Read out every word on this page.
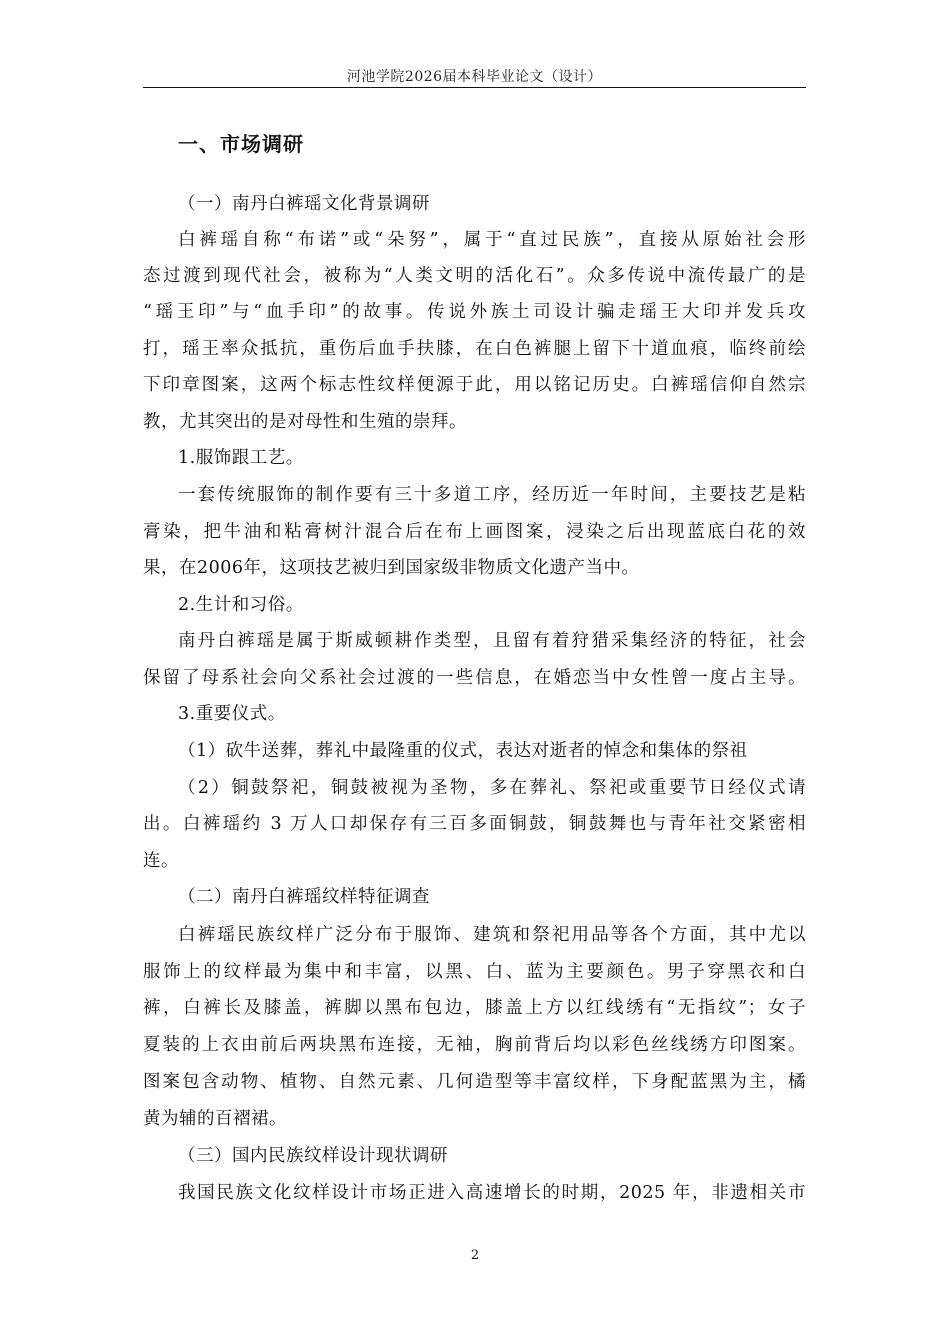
河池学院2026届本科毕业论文（设计）
一、市场调研
（一）南丹白裤瑶文化背景调研
白裤瑶自称“布诺”或“朵努”，属于“直过民族”，直接从原始社会形
态过渡到现代社会，被称为“人类文明的活化石”。众多传说中流传最广的是
“瑶王印”与“血手印”的故事。传说外族土司设计骗走瑶王大印并发兵攻
打，瑶王率众抵抗，重伤后血手扶膝，在白色裤腿上留下十道血痕，临终前绘
下印章图案，这两个标志性纹样便源于此，用以铭记历史。白裤瑶信仰自然宗
教，尤其突出的是对母性和生殖的崇拜。
1.服饰跟工艺。
一套传统服饰的制作要有三十多道工序，经历近一年时间，主要技艺是粘
膏染，把牛油和粘膏树汁混合后在布上画图案，浸染之后出现蓝底白花的效
果，在2006年，这项技艺被归到国家级非物质文化遗产当中。
2.生计和习俗。
南丹白裤瑶是属于斯威顿耕作类型，且留有着狩猎采集经济的特征，社会
保留了母系社会向父系社会过渡的一些信息，在婚恋当中女性曾一度占主导。
3.重要仪式。
（1）砍牛送葬，葬礼中最隆重的仪式，表达对逝者的悼念和集体的祭祖
（2）铜鼓祭祀，铜鼓被视为圣物，多在葬礼、祭祀或重要节日经仪式请
出。白裤瑶约 3 万人口却保存有三百多面铜鼓，铜鼓舞也与青年社交紧密相
连。
（二）南丹白裤瑶纹样特征调查
白裤瑶民族纹样广泛分布于服饰、建筑和祭祀用品等各个方面，其中尤以
服饰上的纹样最为集中和丰富，以黑、白、蓝为主要颜色。男子穿黑衣和白
裤，白裤长及膝盖，裤脚以黑布包边，膝盖上方以红线绣有“无指纹”；女子
夏装的上衣由前后两块黑布连接，无袖，胸前背后均以彩色丝线绣方印图案。
图案包含动物、植物、自然元素、几何造型等丰富纹样，下身配蓝黑为主，橘
黄为辅的百褶裙。
（三）国内民族纹样设计现状调研
我国民族文化纹样设计市场正进入高速增长的时期，2025 年，非遗相关市
2
